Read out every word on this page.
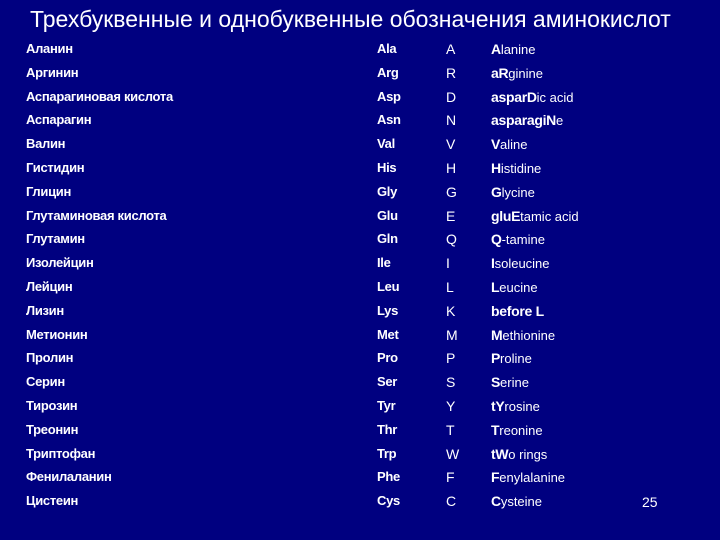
Трехбуквенные и однобуквенные обозначения аминокислот
Аланин	Ala	A	Alanine
Аргинин	Arg	R	aRginine
Аспарагиновая кислота	Asp	D	asparDic acid
Аспарагин	Asn	N	asparagiNe
Валин	Val	V	Valine
Гистидин	His	H	Histidine
Глицин	Gly	G Glycine
Глутаминовая кислота	Glu	E	gluEtamic acid
Глутамин	Gln	Q Q-tamine
Изолейцин	Ile	I	Isoleucine
Лейцин	Leu	L	Leucine
Лизин	Lys	K	before L
Метионин	Met	M Methionine
Пролин	Pro	P	Proline
Серин	Ser	S	Serine
Тирозин	Tyr	Y	tYrosine
Треонин	Thr	T	Treonine
Триптофан	Trp	W tWo rings
Фенилаланин	Phe	F	Fenylalanine
Цистеин	Cys	C	Cysteine	25
